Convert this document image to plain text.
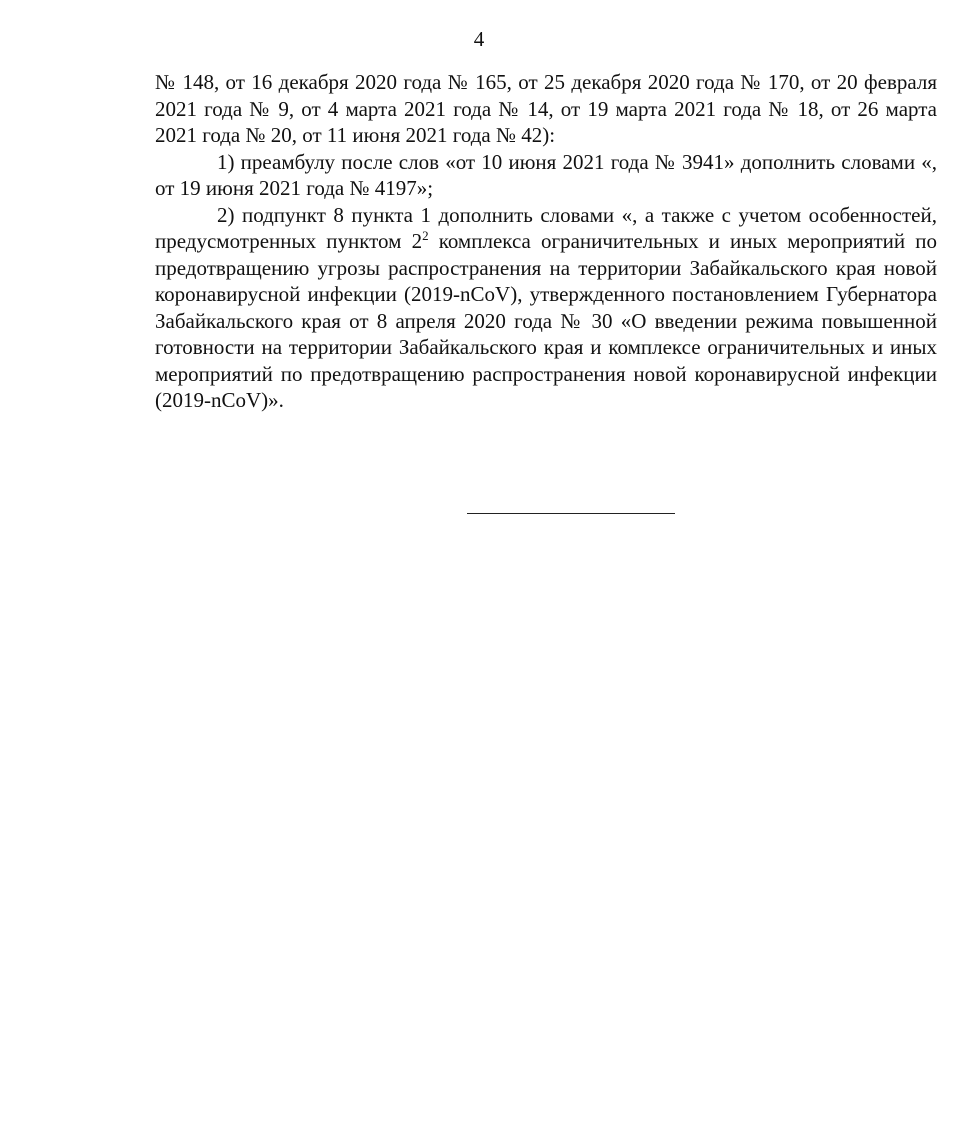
4

№ 148, от 16 декабря 2020 года № 165, от 25 декабря 2020 года № 170, от 20 февраля 2021 года № 9, от 4 марта 2021 года № 14, от 19 марта 2021 года № 18, от 26 марта 2021 года № 20, от 11 июня 2021 года № 42):

1) преамбулу после слов «от 10 июня 2021 года № 3941» дополнить словами «, от 19 июня 2021 года № 4197»;

2) подпункт 8 пункта 1 дополнить словами «, а также с учетом особенностей, предусмотренных пунктом $2^2$ комплекса ограничительных и иных мероприятий по предотвращению угрозы распространения на территории Забайкальского края новой коронавирусной инфекции (2019-nCoV), утвержденного постановлением Губернатора Забайкальского края от 8 апреля 2020 года № 30 «О введении режима повышенной готовности на территории Забайкальского края и комплексе ограничительных и иных мероприятий по предотвращению распространения новой коронавирусной инфекции (2019-nCoV)».
